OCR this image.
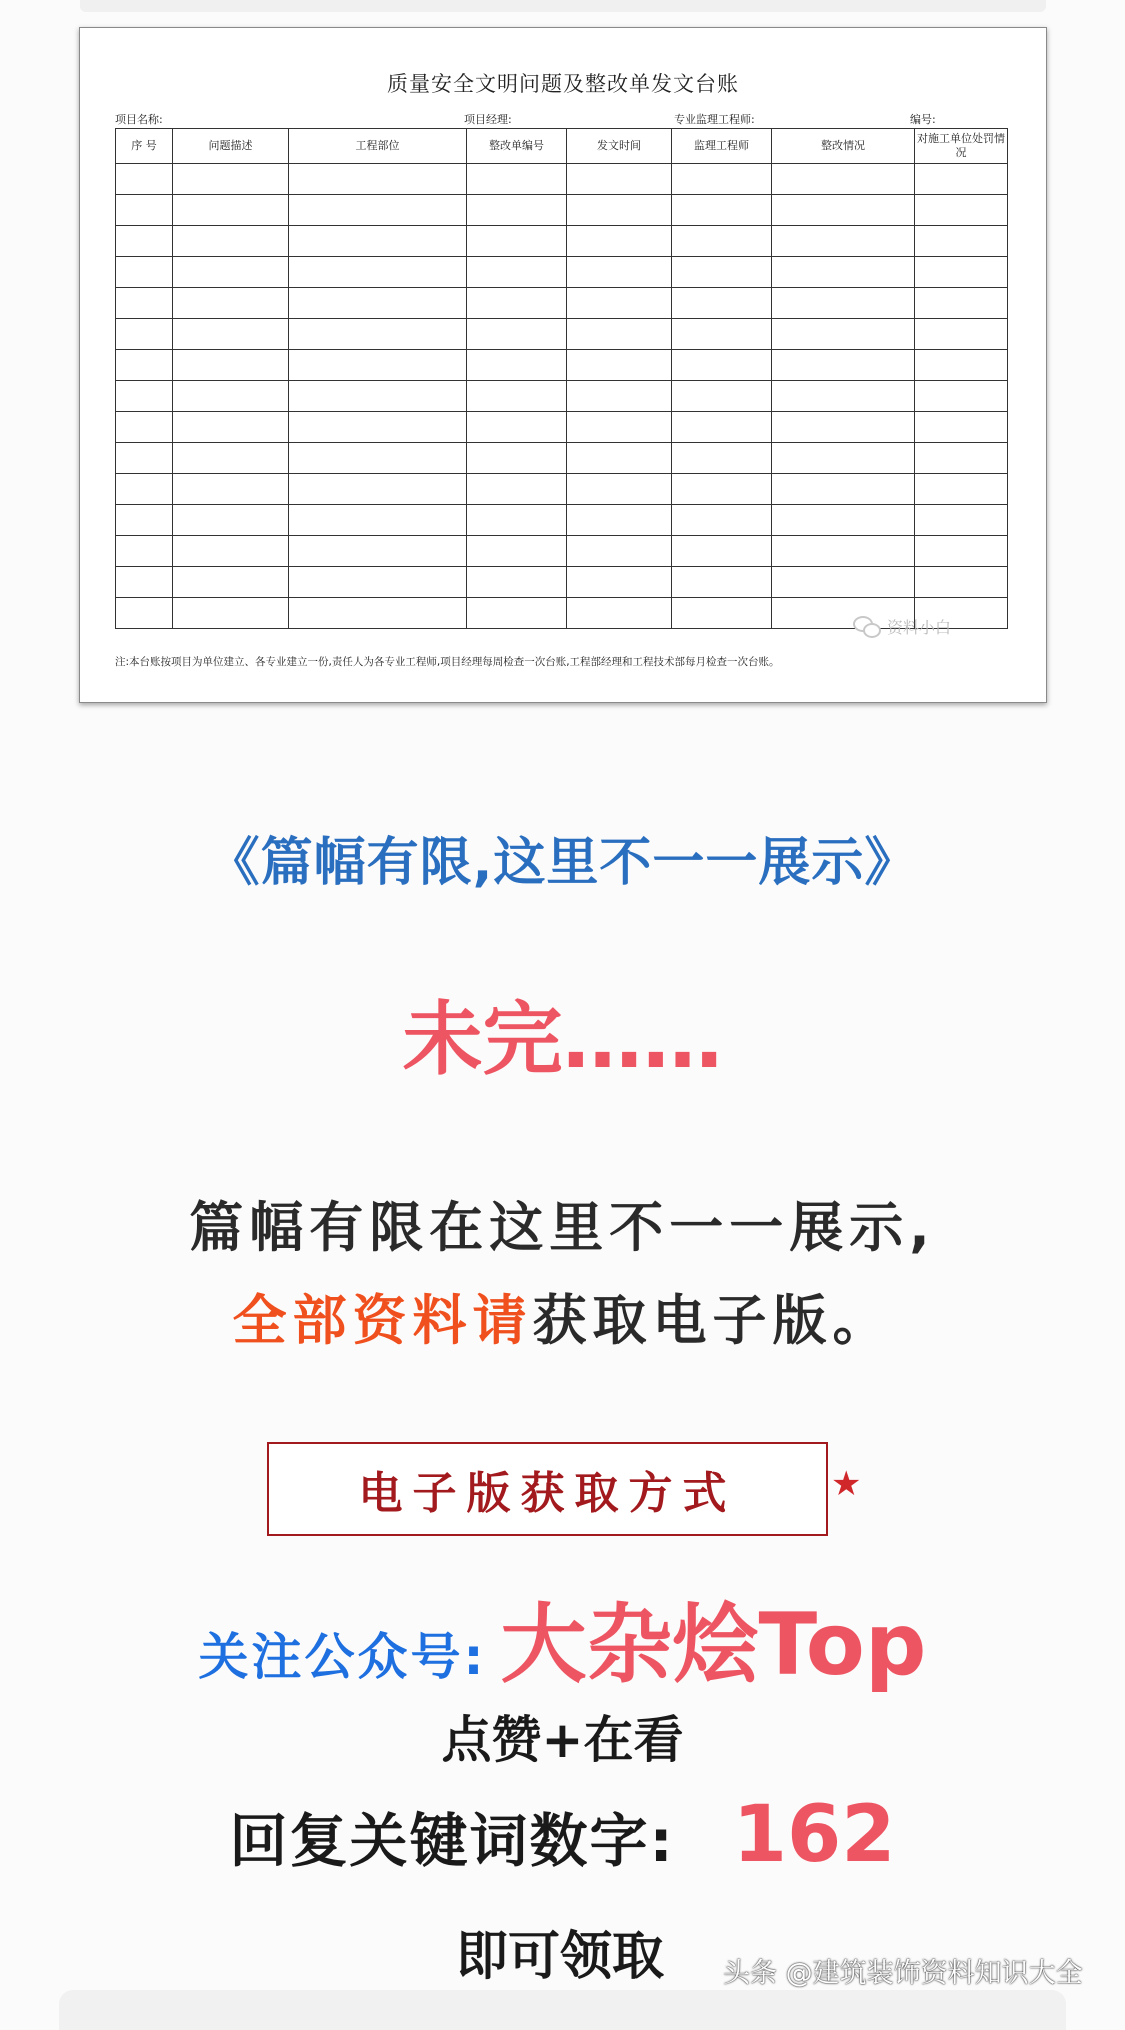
质量安全文明问题及整改单发文台账
项目名称:	项目经理:	专业监理工程师:	编号:
序 号	问题描述	工程部位	整改单编号	发文时间	监理工程师	整改情况	对施工单位处罚情况

资料小白
注:本台账按项目为单位建立、各专业建立一份,责任人为各专业工程师,项目经理每周检查一次台账,工程部经理和工程技术部每月检查一次台账。
《篇幅有限,这里不一一展示》
未完……
篇幅有限在这里不一一展示,
全部资料请获取电子版。
电子版获取方式	★
关注公众号: 大杂烩Top
点赞+在看
回复关键词数字: 162
即可领取 头条 @建筑装饰资料知识大全
